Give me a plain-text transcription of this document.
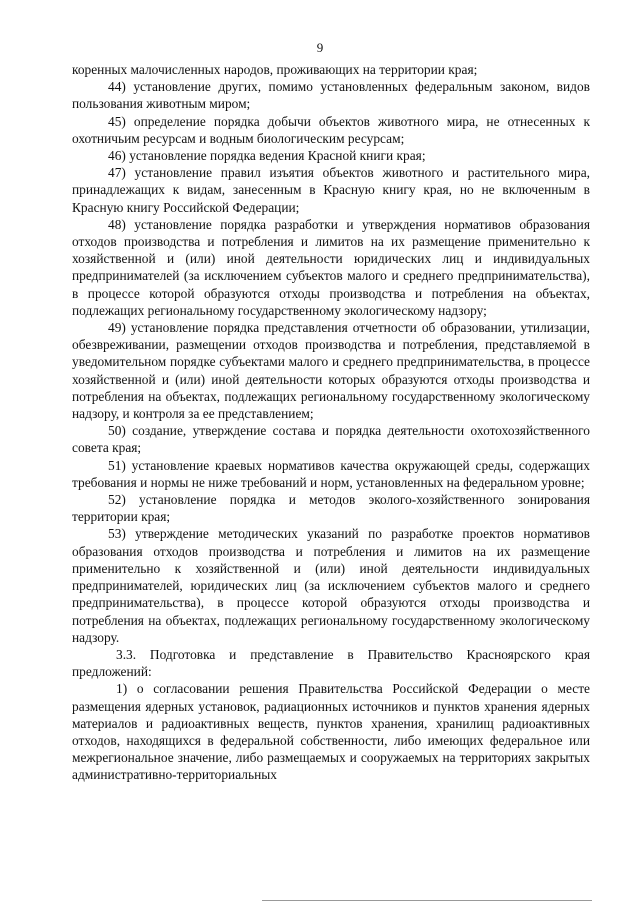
9

коренных малочисленных народов, проживающих на территории края;

44) установление других, помимо установленных федеральным законом, видов пользования животным миром;

45) определение порядка добычи объектов животного мира, не отнесенных к охотничьим ресурсам и водным биологическим ресурсам;

46) установление порядка ведения Красной книги края;

47) установление правил изъятия объектов животного и растительного мира, принадлежащих к видам, занесенным в Красную книгу края, но не включенным в Красную книгу Российской Федерации;

48) установление порядка разработки и утверждения нормативов образования отходов производства и потребления и лимитов на их размещение применительно к хозяйственной и (или) иной деятельности юридических лиц и индивидуальных предпринимателей (за исключением субъектов малого и среднего предпринимательства), в процессе которой образуются отходы производства и потребления на объектах, подлежащих региональному государственному экологическому надзору;

49) установление порядка представления отчетности об образовании, утилизации, обезвреживании, размещении отходов производства и потребления, представляемой в уведомительном порядке субъектами малого и среднего предпринимательства, в процессе хозяйственной и (или) иной деятельности которых образуются отходы производства и потребления на объектах, подлежащих региональному государственному экологическому надзору, и контроля за ее представлением;

50) создание, утверждение состава и порядка деятельности охотохозяйственного совета края;

51) установление краевых нормативов качества окружающей среды, содержащих требования и нормы не ниже требований и норм, установленных на федеральном уровне;

52) установление порядка и методов эколого-хозяйственного зонирования территории края;

53) утверждение методических указаний по разработке проектов нормативов образования отходов производства и потребления и лимитов на их размещение применительно к хозяйственной и (или) иной деятельности индивидуальных предпринимателей, юридических лиц (за исключением субъектов малого и среднего предпринимательства), в процессе которой образуются отходы производства и потребления на объектах, подлежащих региональному государственному экологическому надзору.

3.3. Подготовка и представление в Правительство Красноярского края предложений:

1) о согласовании решения Правительства Российской Федерации о месте размещения ядерных установок, радиационных источников и пунктов хранения ядерных материалов и радиоактивных веществ, пунктов хранения, хранилищ радиоактивных отходов, находящихся в федеральной собственности, либо имеющих федеральное или межрегиональное значение, либо размещаемых и сооружаемых на территориях закрытых административно-территориальных
